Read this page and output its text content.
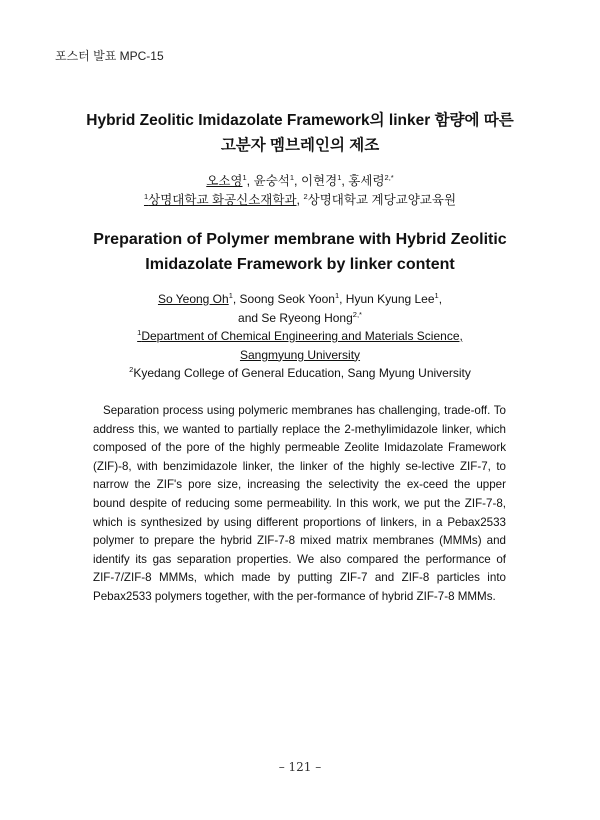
포스터 발표 MPC-15
Hybrid Zeolitic Imidazolate Framework의 linker 함량에 따른
고분자 멤브레인의 제조
오소영$^1$, 윤숭석$^1$, 이현경$^1$, 홍세령$^{2,*}$
$^1$상명대학교 화공신소재학과, $^2$상명대학교 계당교양교육원
Preparation of Polymer membrane with Hybrid Zeolitic
Imidazolate Framework by linker content
So Yeong Oh$^1$, Soong Seok Yoon$^1$, Hyun Kyung Lee$^1$,
and Se Ryeong Hong$^{2,*}$
$^1$Department of Chemical Engineering and Materials Science,
Sangmyung University
$^2$Kyedang College of General Education, Sang Myung University

Separation process using polymeric membranes has challenging, trade-off. To address this, we wanted to partially replace the 2-methylimidazole linker, which composed of the pore of the highly permeable Zeolite Imidazolate Framework (ZIF)-8, with benzimidazole linker, the linker of the highly se-lective ZIF-7, to narrow the ZIF's pore size, increasing the selectivity the ex-ceed the upper bound despite of reducing some permeability. In this work, we put the ZIF-7-8, which is synthesized by using different proportions of linkers, in a Pebax2533 polymer to prepare the hybrid ZIF-7-8 mixed matrix membranes (MMMs) and identify its gas separation properties. We also compared the performance of ZIF-7/ZIF-8 MMMs, which made by putting ZIF-7 and ZIF-8 particles into Pebax2533 polymers together, with the per-formance of hybrid ZIF-7-8 MMMs.

– 121 –
